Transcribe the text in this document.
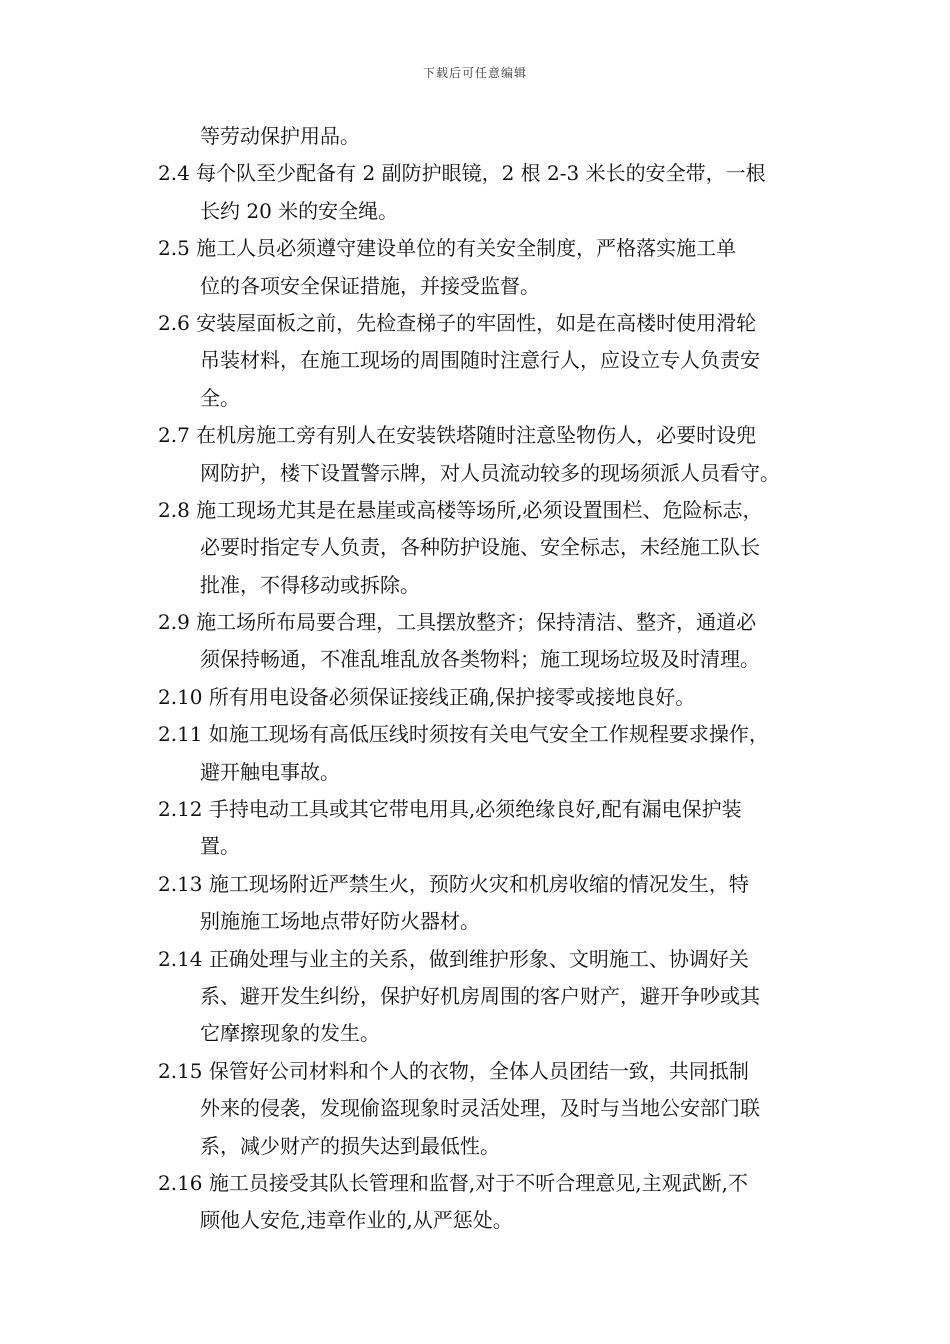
下载后可任意编辑
等劳动保护用品。
2.4 每个队至少配备有 2 副防护眼镜，2 根 2-3 米长的安全带，一根
长约 20 米的安全绳。
2.5 施工人员必须遵守建设单位的有关安全制度，严格落实施工单
位的各项安全保证措施，并接受监督。
2.6 安装屋面板之前，先检查梯子的牢固性，如是在高楼时使用滑轮
吊装材料，在施工现场的周围随时注意行人，应设立专人负责安
全。
2.7 在机房施工旁有别人在安装铁塔随时注意坠物伤人，必要时设兜
网防护，楼下设置警示牌，对人员流动较多的现场须派人员看守。
2.8 施工现场尤其是在悬崖或高楼等场所,必须设置围栏、危险标志，
必要时指定专人负责，各种防护设施、安全标志，未经施工队长
批准，不得移动或拆除。
2.9 施工场所布局要合理，工具摆放整齐；保持清洁、整齐，通道必
须保持畅通，不准乱堆乱放各类物料；施工现场垃圾及时清理。
2.10 所有用电设备必须保证接线正确,保护接零或接地良好。
2.11 如施工现场有高低压线时须按有关电气安全工作规程要求操作，
避开触电事故。
2.12 手持电动工具或其它带电用具,必须绝缘良好,配有漏电保护装
置。
2.13 施工现场附近严禁生火，预防火灾和机房收缩的情况发生，特
别施施工场地点带好防火器材。
2.14 正确处理与业主的关系，做到维护形象、文明施工、协调好关
系、避开发生纠纷，保护好机房周围的客户财产，避开争吵或其
它摩擦现象的发生。
2.15 保管好公司材料和个人的衣物，全体人员团结一致，共同抵制
外来的侵袭，发现偷盗现象时灵活处理，及时与当地公安部门联
系，减少财产的损失达到最低性。
2.16 施工员接受其队长管理和监督,对于不听合理意见,主观武断,不
顾他人安危,违章作业的,从严惩处。
